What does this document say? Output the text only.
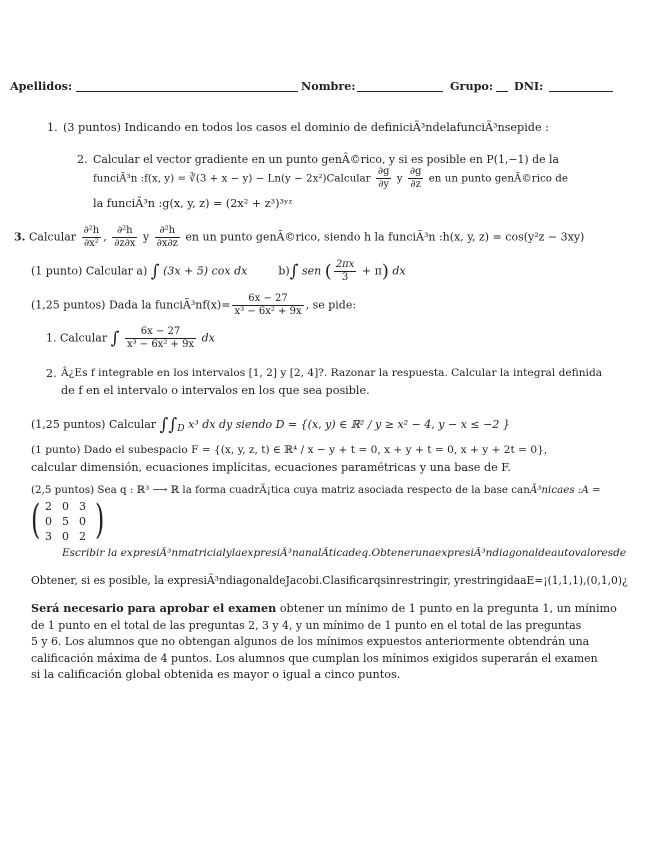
Apellidos:	Nombre:	Grupo: DNI:
1. (3 puntos) Indicando en todos los casos el dominio de definiciÃ³ndelafunciÃ³nsepide :
2. Calcular el vector gradiente en un punto genÃ©rico, y si es posible en P(1,−1) de la
funciÃ³n :f(x, y) = ∛(3 + x − y) − Ln(y − 2x²)Calcular $\frac{\partial g}{\partial y}$ y $\frac{\partial g}{\partial z}$ en un punto genÃ©rico de
la funciÃ³n :g(x, y, z) = (2x² + z³)³ʸᶻ
3. Calcular $\frac{\text{∂²h}}{\text{∂x²}}$ , $\frac{\text{∂²h}}{\partial z\partial x}$ y $\frac{\text{∂²h}}{\partial x\partial z}$ en un punto genÃ©rico, siendo h la funciÃ³n :h(x, y, z) = cos(y²z − 3xy)
(1 punto) Calcular a) ∫ (3x + 5) cox dx	b)∫ sen ( $\frac{2\pi x}{3} + \pi$) dx
(1,25 puntos) Dada la funciÃ³nf(x)= $\frac{6x - 27}{\text{x³ − 6x² + 9x}}$ , se pide:
1. Calcular ∫ $\frac{6x - 27}{\text{x³ − 6x² + 9x}}$ dx
2. Â¿Es f integrable en los intervalos [1, 2] y [2, 4]?. Razonar la respuesta. Calcular la integral definida
de f en el intervalo o intervalos en los que sea posible.
(1,25 puntos) Calcular $\int\int_D$ x³ dx dy siendo D = {(x, y) ∈ ℝ² / y ≥ x² − 4, y − x ≤ −2 }
(1 punto) Dado el subespacio F = {(x, y, z, t) ∈ ℝ⁴ / x − y + t = 0, x + y + t = 0, x + y + 2t = 0},
calcular dimensión, ecuaciones implícitas, ecuaciones paramétricas y una base de F.
(2,5 puntos) Sea q : ℝ³ ⟶ ℝ la forma cuadrÃ¡tica cuya matriz asociada respecto de la base canÃ³nicaes :A =
( 2 0 3
0 5 0
3 0 2 )
Escribir la expresiÃ³nmatricialylaexpresiÃ³nanalÃticadeq.ObtenerunaexpresiÃ³ndiagonaldeautovaloresde
Obtener, si es posible, la expresiÃ³ndiagonaldeJacobi.Clasificarqsinrestringir, yrestringidaaE=¡(1,1,1),(0,1,0)¿
Será necesario para aprobar el examen obtener un mínimo de 1 punto en la pregunta 1, un mínimo
de 1 punto en el total de las preguntas 2, 3 y 4, y un mínimo de 1 punto en el total de las preguntas
5 y 6. Los alumnos que no obtengan algunos de los mínimos expuestos anteriormente obtendrán una
calificación máxima de 4 puntos. Los alumnos que cumplan los mínimos exigidos superarán el examen
si la calificación global obtenida es mayor o igual a cinco puntos.
